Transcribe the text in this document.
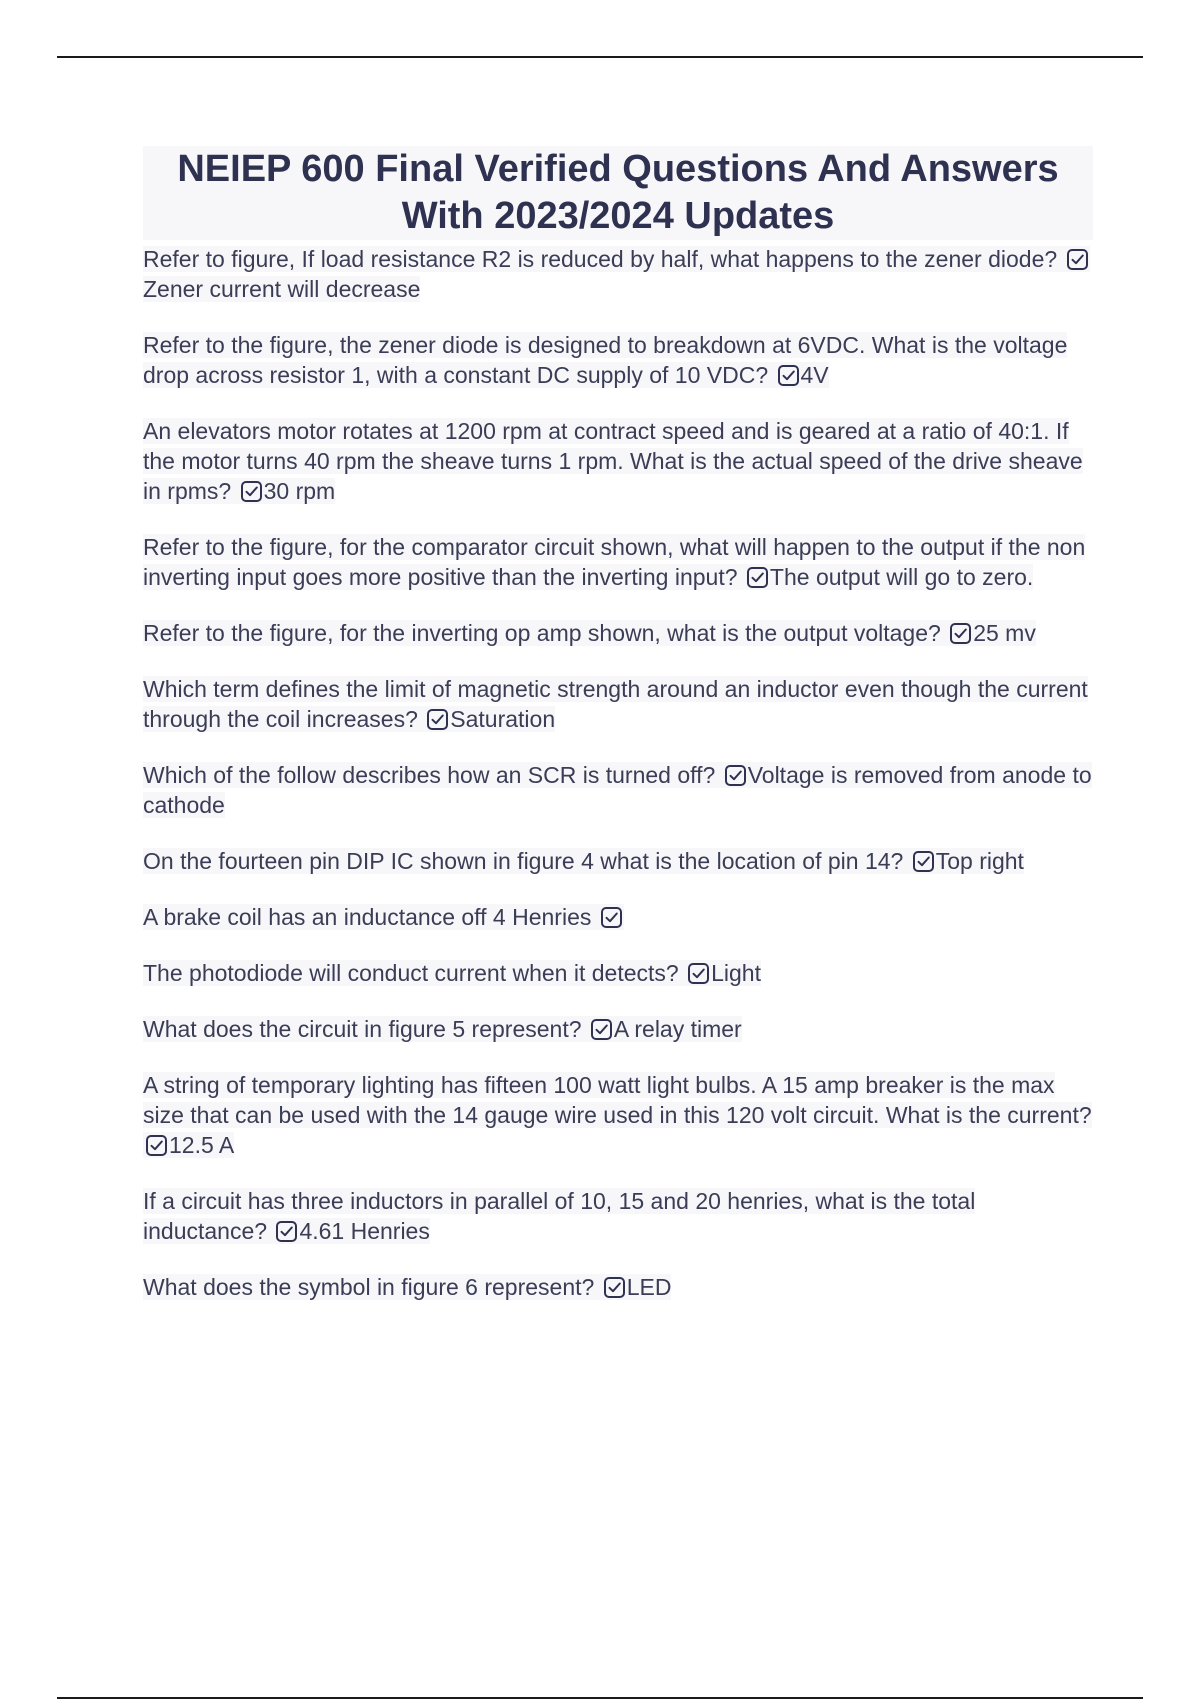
NEIEP 600 Final Verified Questions And Answers With 2023/2024 Updates

Refer to figure, If load resistance R2 is reduced by half, what happens to the zener diode?
Zener current will decrease

Refer to the figure, the zener diode is designed to breakdown at 6VDC. What is the voltage drop across resistor 1, with a constant DC supply of 10 VDC? 4V

An elevators motor rotates at 1200 rpm at contract speed and is geared at a ratio of 40:1. If the motor turns 40 rpm the sheave turns 1 rpm. What is the actual speed of the drive sheave in rpms? 30 rpm

Refer to the figure, for the comparator circuit shown, what will happen to the output if the non inverting input goes more positive than the inverting input? The output will go to zero.

Refer to the figure, for the inverting op amp shown, what is the output voltage? 25 mv

Which term defines the limit of magnetic strength around an inductor even though the current through the coil increases? Saturation

Which of the follow describes how an SCR is turned off? Voltage is removed from anode to cathode

On the fourteen pin DIP IC shown in figure 4 what is the location of pin 14? Top right

A brake coil has an inductance off 4 Henries

The photodiode will conduct current when it detects? Light

What does the circuit in figure 5 represent? A relay timer

A string of temporary lighting has fifteen 100 watt light bulbs. A 15 amp breaker is the max size that can be used with the 14 gauge wire used in this 120 volt circuit. What is the current?
12.5 A

If a circuit has three inductors in parallel of 10, 15 and 20 henries, what is the total inductance? 4.61 Henries

What does the symbol in figure 6 represent? LED
